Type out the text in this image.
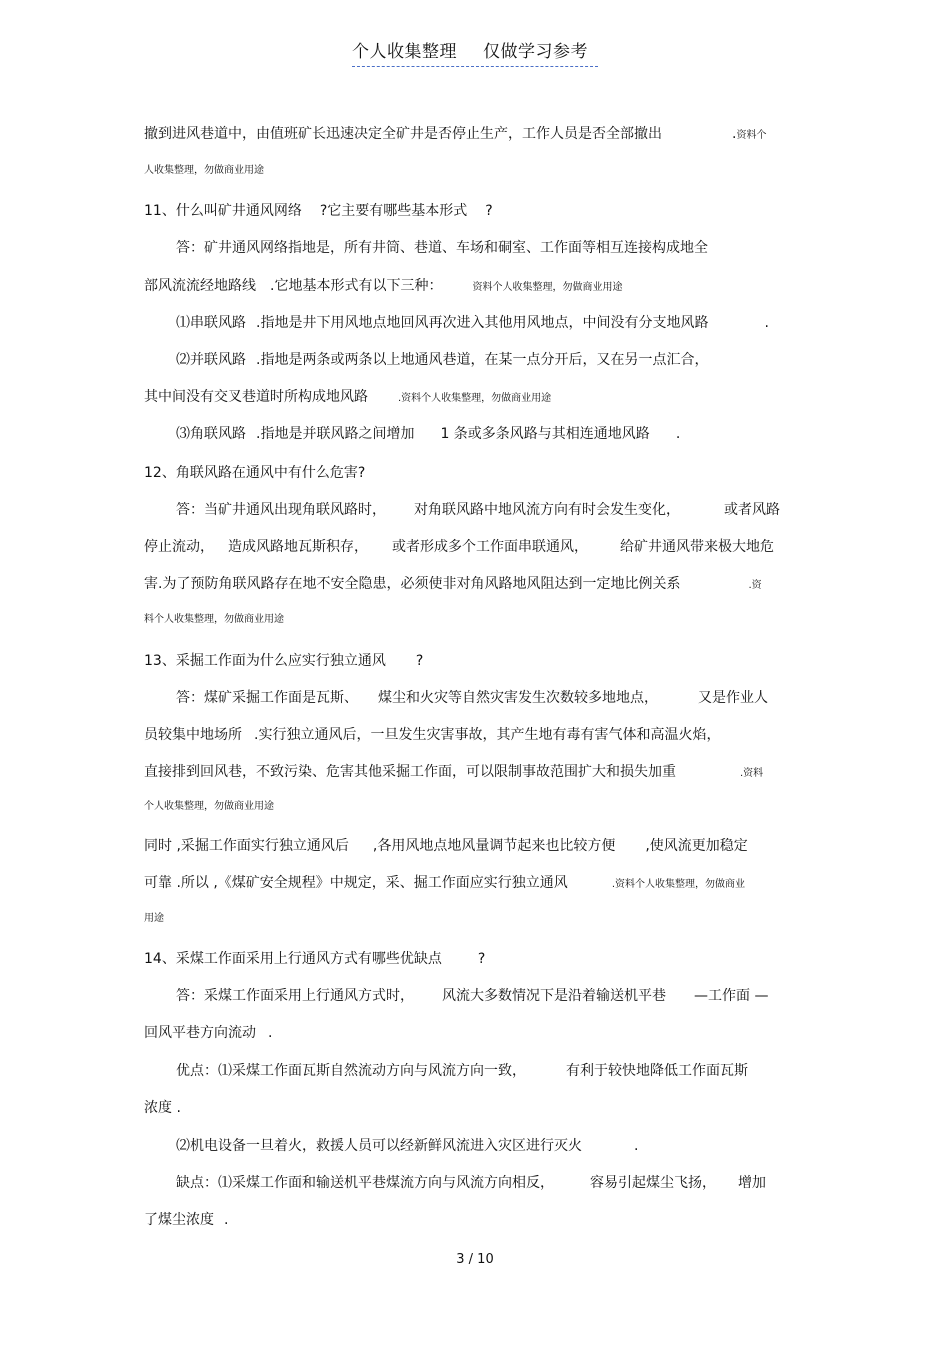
个人收集整理 仅做学习参考
撤到进风巷道中，由值班矿长迅速决定全矿井是否停止生产，工作人员是否全部撤出	.资料个
人收集整理，勿做商业用途
11、什么叫矿井通风网络 ?它主要有哪些基本形式 ?
答：矿井通风网络指地是，所有井筒、巷道、车场和硐室、工作面等相互连接构成地全
部风流流经地路线 .它地基本形式有以下三种：	资料个人收集整理，勿做商业用途
⑴串联风路 .指地是井下用风地点地回风再次进入其他用风地点，中间没有分支地风路	.
⑵并联风路 .指地是两条或两条以上地通风巷道，在某一点分开后，又在另一点汇合，
其中间没有交叉巷道时所构成地风路	.资料个人收集整理，勿做商业用途
⑶角联风路 .指地是并联风路之间增加 1 条或多条风路与其相连通地风路 .
12、角联风路在通风中有什么危害?
答：当矿井通风出现角联风路时， 对角联风路中地风流方向有时会发生变化，	或者风路
停止流动， 造成风路地瓦斯积存， 或者形成多个工作面串联通风， 给矿井通风带来极大地危
害.为了预防角联风路存在地不安全隐患，必须使非对角风路地风阻达到一定地比例关系	.资
料个人收集整理，勿做商业用途
13、采掘工作面为什么应实行独立通风 ?
答：煤矿采掘工作面是瓦斯、 煤尘和火灾等自然灾害发生次数较多地地点，	又是作业人
员较集中地场所 .实行独立通风后，一旦发生灾害事故，其产生地有毒有害气体和高温火焰，
直接排到回风巷，不致污染、危害其他采掘工作面，可以限制事故范围扩大和损失加重	.资料
个人收集整理，勿做商业用途
同时 ,采掘工作面实行独立通风后 ,各用风地点地风量调节起来也比较方便 ,使风流更加稳定
可靠 .所以 ,《煤矿安全规程》中规定，采、掘工作面应实行独立通风	.资料个人收集整理，勿做商业
用途
14、采煤工作面采用上行通风方式有哪些优缺点	?
答：采煤工作面采用上行通风方式时， 风流大多数情况下是沿着输送机平巷 —工作面 —
回风平巷方向流动 .
优点：⑴采煤工作面瓦斯自然流动方向与风流方向一致，	有利于较快地降低工作面瓦斯
浓度 .
⑵机电设备一旦着火，救援人员可以经新鲜风流进入灾区进行灭火	.
缺点：⑴采煤工作面和输送机平巷煤流方向与风流方向相反，	容易引起煤尘飞扬， 增加
了煤尘浓度 .
3 / 10
